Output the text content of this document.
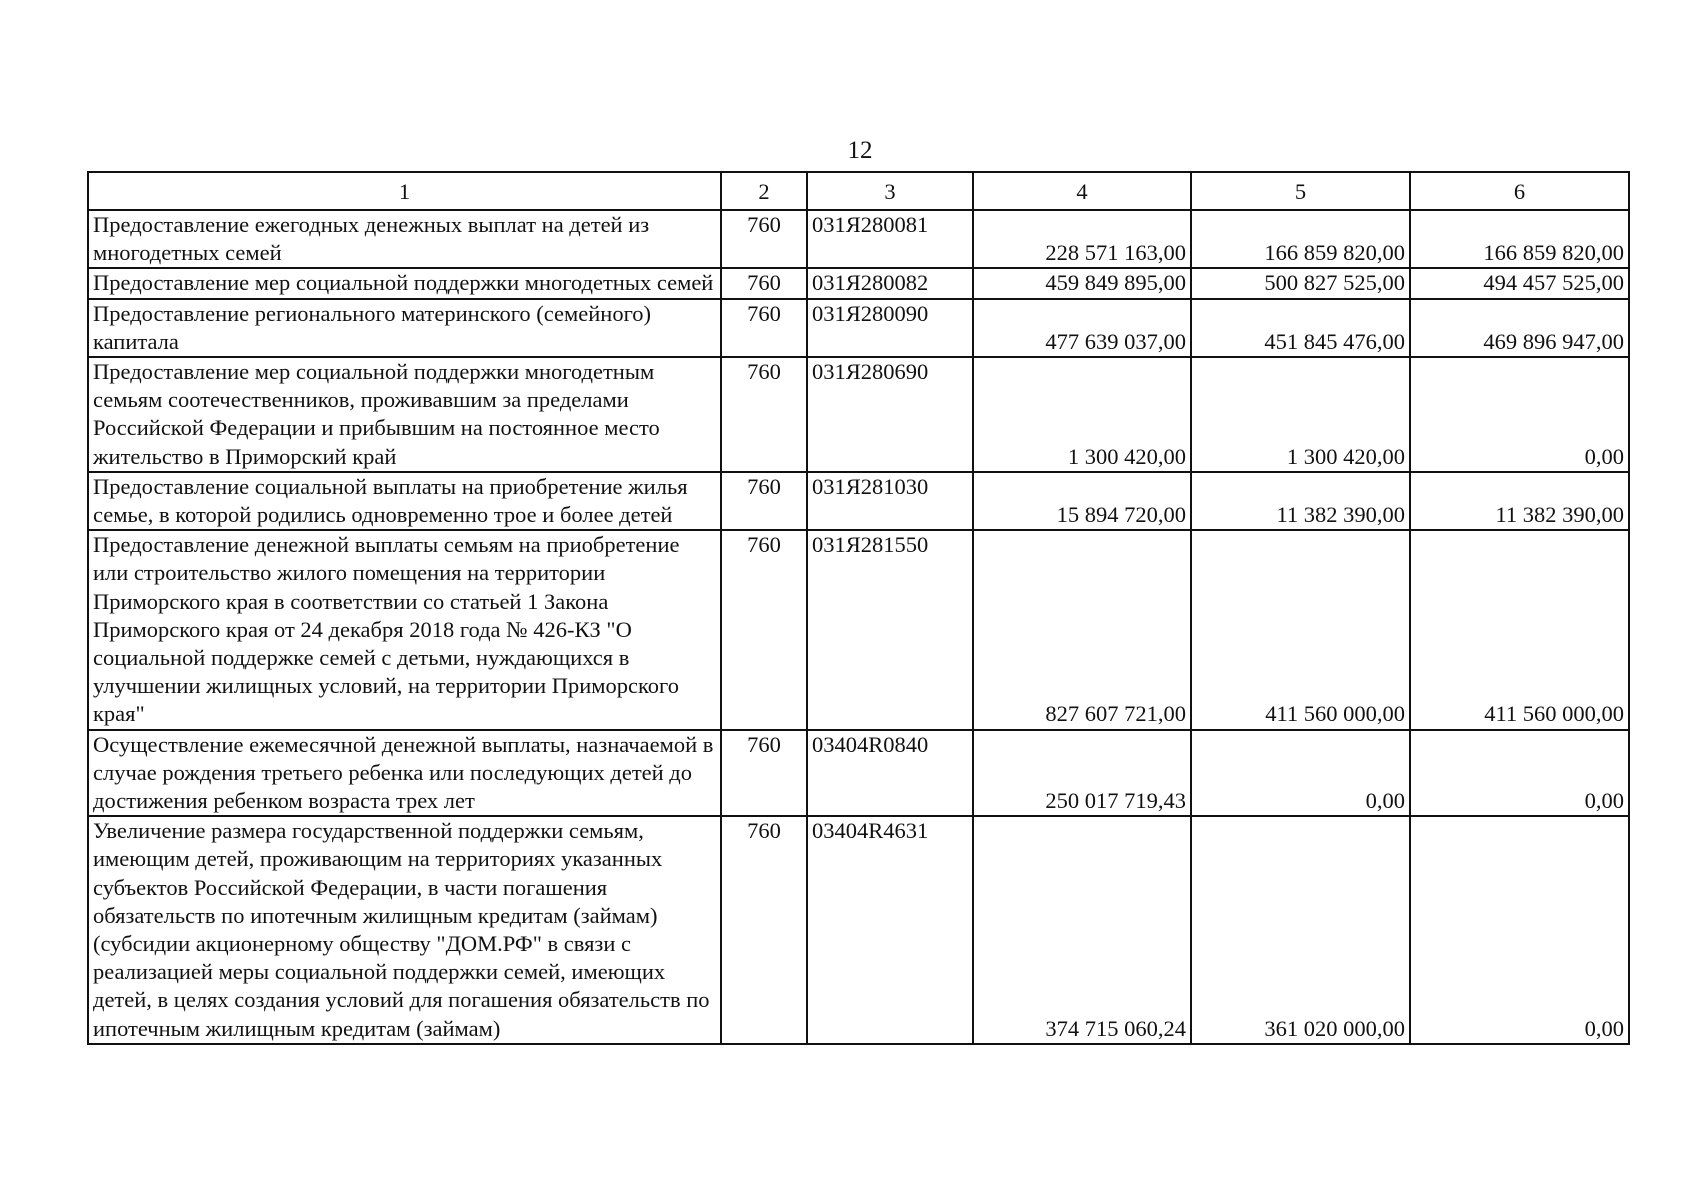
12
1	2	3	4	5	6
Предоставление ежегодных денежных выплат на детей из многодетных семей	760	031Я280081	228 571 163,00	166 859 820,00	166 859 820,00
Предоставление мер социальной поддержки многодетных семей	760	031Я280082	459 849 895,00	500 827 525,00	494 457 525,00
Предоставление регионального материнского (семейного) капитала	760	031Я280090	477 639 037,00	451 845 476,00	469 896 947,00
Предоставление мер социальной поддержки многодетным семьям соотечественников, проживавшим за пределами Российской Федерации и прибывшим на постоянное место жительство в Приморский край	760	031Я280690	1 300 420,00	1 300 420,00	0,00
Предоставление социальной выплаты на приобретение жилья семье, в которой родились одновременно трое и более детей	760	031Я281030	15 894 720,00	11 382 390,00	11 382 390,00
Предоставление денежной выплаты семьям на приобретение или строительство жилого помещения на территории Приморского края в соответствии со статьей 1 Закона Приморского края от 24 декабря 2018 года № 426-КЗ "О социальной поддержке семей с детьми, нуждающихся в улучшении жилищных условий, на территории Приморского края"	760	031Я281550	827 607 721,00	411 560 000,00	411 560 000,00
Осуществление ежемесячной денежной выплаты, назначаемой в случае рождения третьего ребенка или последующих детей до достижения ребенком возраста трех лет	760	03404R0840	250 017 719,43	0,00	0,00
Увеличение размера государственной поддержки семьям, имеющим детей, проживающим на территориях указанных субъектов Российской Федерации, в части погашения обязательств по ипотечным жилищным кредитам (займам) (субсидии акционерному обществу "ДОМ.РФ" в связи с реализацией меры социальной поддержки семей, имеющих детей, в целях создания условий для погашения обязательств по ипотечным жилищным кредитам (займам)	760	03404R4631	374 715 060,24	361 020 000,00	0,00
